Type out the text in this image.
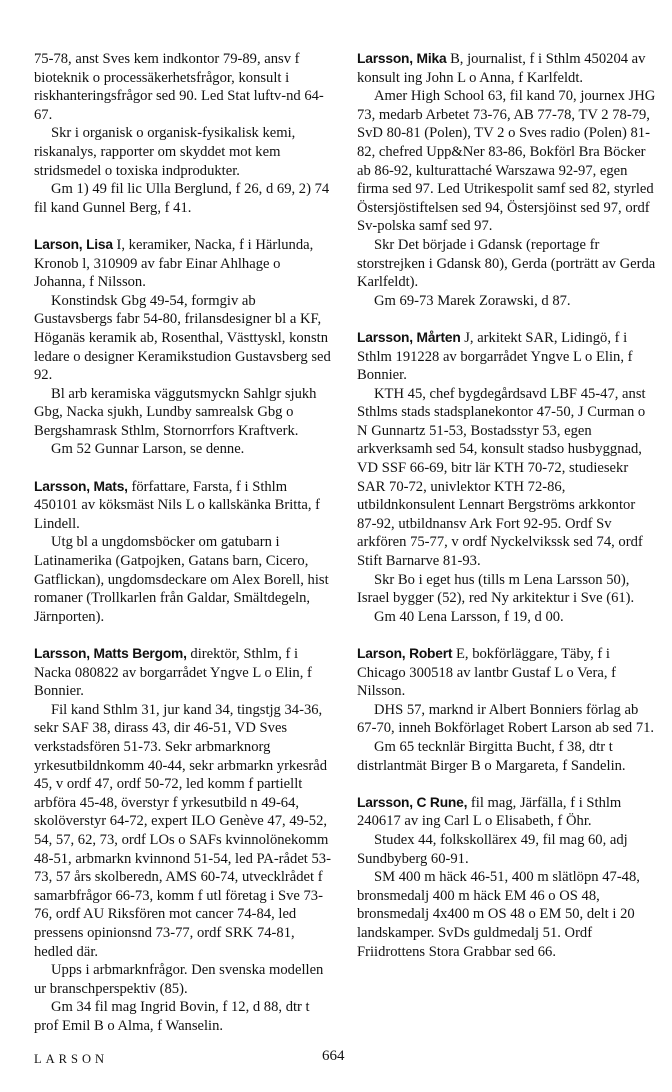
75-78, anst Sves kem indkontor 79-89, ansv f bioteknik o processäkerhetsfrågor, konsult i riskhanteringsfrågor sed 90. Led Stat luftv-nd 64-67.

Skr i organisk o organisk-fysikalisk kemi, riskanalys, rapporter om skyddet mot kem stridsmedel o toxiska indprodukter.

Gm 1) 49 fil lic Ulla Berglund, f 26, d 69, 2) 74 fil kand Gunnel Berg, f 41.

Larson, Lisa I, keramiker, Nacka, f i Härlunda, Kronob l, 310909 av fabr Einar Ahlhage o Johanna, f Nilsson.

Konstindsk Gbg 49-54, formgiv ab Gustavsbergs fabr 54-80, frilansdesigner bl a KF, Höganäs keramik ab, Rosenthal, Västtyskl, konstn ledare o designer Keramikstudion Gustavsberg sed 92.

Bl arb keramiska väggutsmyckn Sahlgr sjukh Gbg, Nacka sjukh, Lundby samrealsk Gbg o Bergshamrask Sthlm, Stornorrfors Kraftverk.

Gm 52 Gunnar Larson, se denne.

Larsson, Mats, författare, Farsta, f i Sthlm 450101 av köksmäst Nils L o kallskänka Britta, f Lindell.

Utg bl a ungdomsböcker om gatubarn i Latinamerika (Gatpojken, Gatans barn, Cicero, Gatflickan), ungdomsdeckare om Alex Borell, hist romaner (Trollkarlen från Galdar, Smältdegeln, Järnporten).

Larsson, Matts Bergom, direktör, Sthlm, f i Nacka 080822 av borgarrådet Yngve L o Elin, f Bonnier.

Fil kand Sthlm 31, jur kand 34, tingstjg 34-36, sekr SAF 38, dirass 43, dir 46-51, VD Sves verkstadsfören 51-73. Sekr arbmarknorg yrkesutbildnkomm 40-44, sekr arbmarkn yrkesråd 45, v ordf 47, ordf 50-72, led komm f partiellt arbföra 45-48, överstyr f yrkesutbild n 49-64, skolöverstyr 64-72, expert ILO Genève 47, 49-52, 54, 57, 62, 73, ordf LOs o SAFs kvinnolönekomm 48-51, arbmarkn kvinnond 51-54, led PA-rådet 53-73, 57 års skolberedn, AMS 60-74, utvecklrådet f samarbfrågor 66-73, komm f utl företag i Sve 73-76, ordf AU Riksfören mot cancer 74-84, led pressens opinionsnd 73-77, ordf SRK 74-81, hedled där.

Upps i arbmarknfrågor. Den svenska modellen ur branschperspektiv (85).

Gm 34 fil mag Ingrid Bovin, f 12, d 88, dtr t prof Emil B o Alma, f Wanselin.

Larsson, Mika B, journalist, f i Sthlm 450204 av konsult ing John L o Anna, f Karlfeldt.

Amer High School 63, fil kand 70, journex JHG 73, medarb Arbetet 73-76, AB 77-78, TV 2 78-79, SvD 80-81 (Polen), TV 2 o Sves radio (Polen) 81-82, chefred Upp&Ner 83-86, Bokförl Bra Böcker ab 86-92, kulturattaché Warszawa 92-97, egen firma sed 97. Led Utrikespolit samf sed 82, styrled Östersjöstiftelsen sed 94, Östersjöinst sed 97, ordf Sv-polska samf sed 97.

Skr Det började i Gdansk (reportage fr storstrejken i Gdansk 80), Gerda (porträtt av Gerda Karlfeldt).

Gm 69-73 Marek Zorawski, d 87.

Larsson, Mårten J, arkitekt SAR, Lidingö, f i Sthlm 191228 av borgarrådet Yngve L o Elin, f Bonnier.

KTH 45, chef bygdegårdsavd LBF 45-47, anst Sthlms stads stadsplanekontor 47-50, J Curman o N Gunnartz 51-53, Bostadsstyr 53, egen arkverksamh sed 54, konsult stadso husbyggnad, VD SSF 66-69, bitr lär KTH 70-72, studiesekr SAR 70-72, univlektor KTH 72-86, utbildnkonsulent Lennart Bergströms arkkontor 87-92, utbildnansv Ark Fort 92-95. Ordf Sv arkfören 75-77, v ordf Nyckelvikssk sed 74, ordf Stift Barnarve 81-93.

Skr Bo i eget hus (tills m Lena Larsson 50), Israel bygger (52), red Ny arkitektur i Sve (61).

Gm 40 Lena Larsson, f 19, d 00.

Larson, Robert E, bokförläggare, Täby, f i Chicago 300518 av lantbr Gustaf L o Vera, f Nilsson.

DHS 57, marknd ir Albert Bonniers förlag ab 67-70, inneh Bokförlaget Robert Larson ab sed 71.

Gm 65 tecknlär Birgitta Bucht, f 38, dtr t distrlantmät Birger B o Margareta, f Sandelin.

Larsson, C Rune, fil mag, Järfälla, f i Sthlm 240617 av ing Carl L o Elisabeth, f Öhr.

Studex 44, folkskollärex 49, fil mag 60, adj Sundbyberg 60-91.

SM 400 m häck 46-51, 400 m slätlöpn 47-48, bronsmedalj 400 m häck EM 46 o OS 48, bronsmedalj 4x400 m OS 48 o EM 50, delt i 20 landskamper. SvDs guldmedalj 51. Ordf Friidrottens Stora Grabbar sed 66.

LARSON	664
